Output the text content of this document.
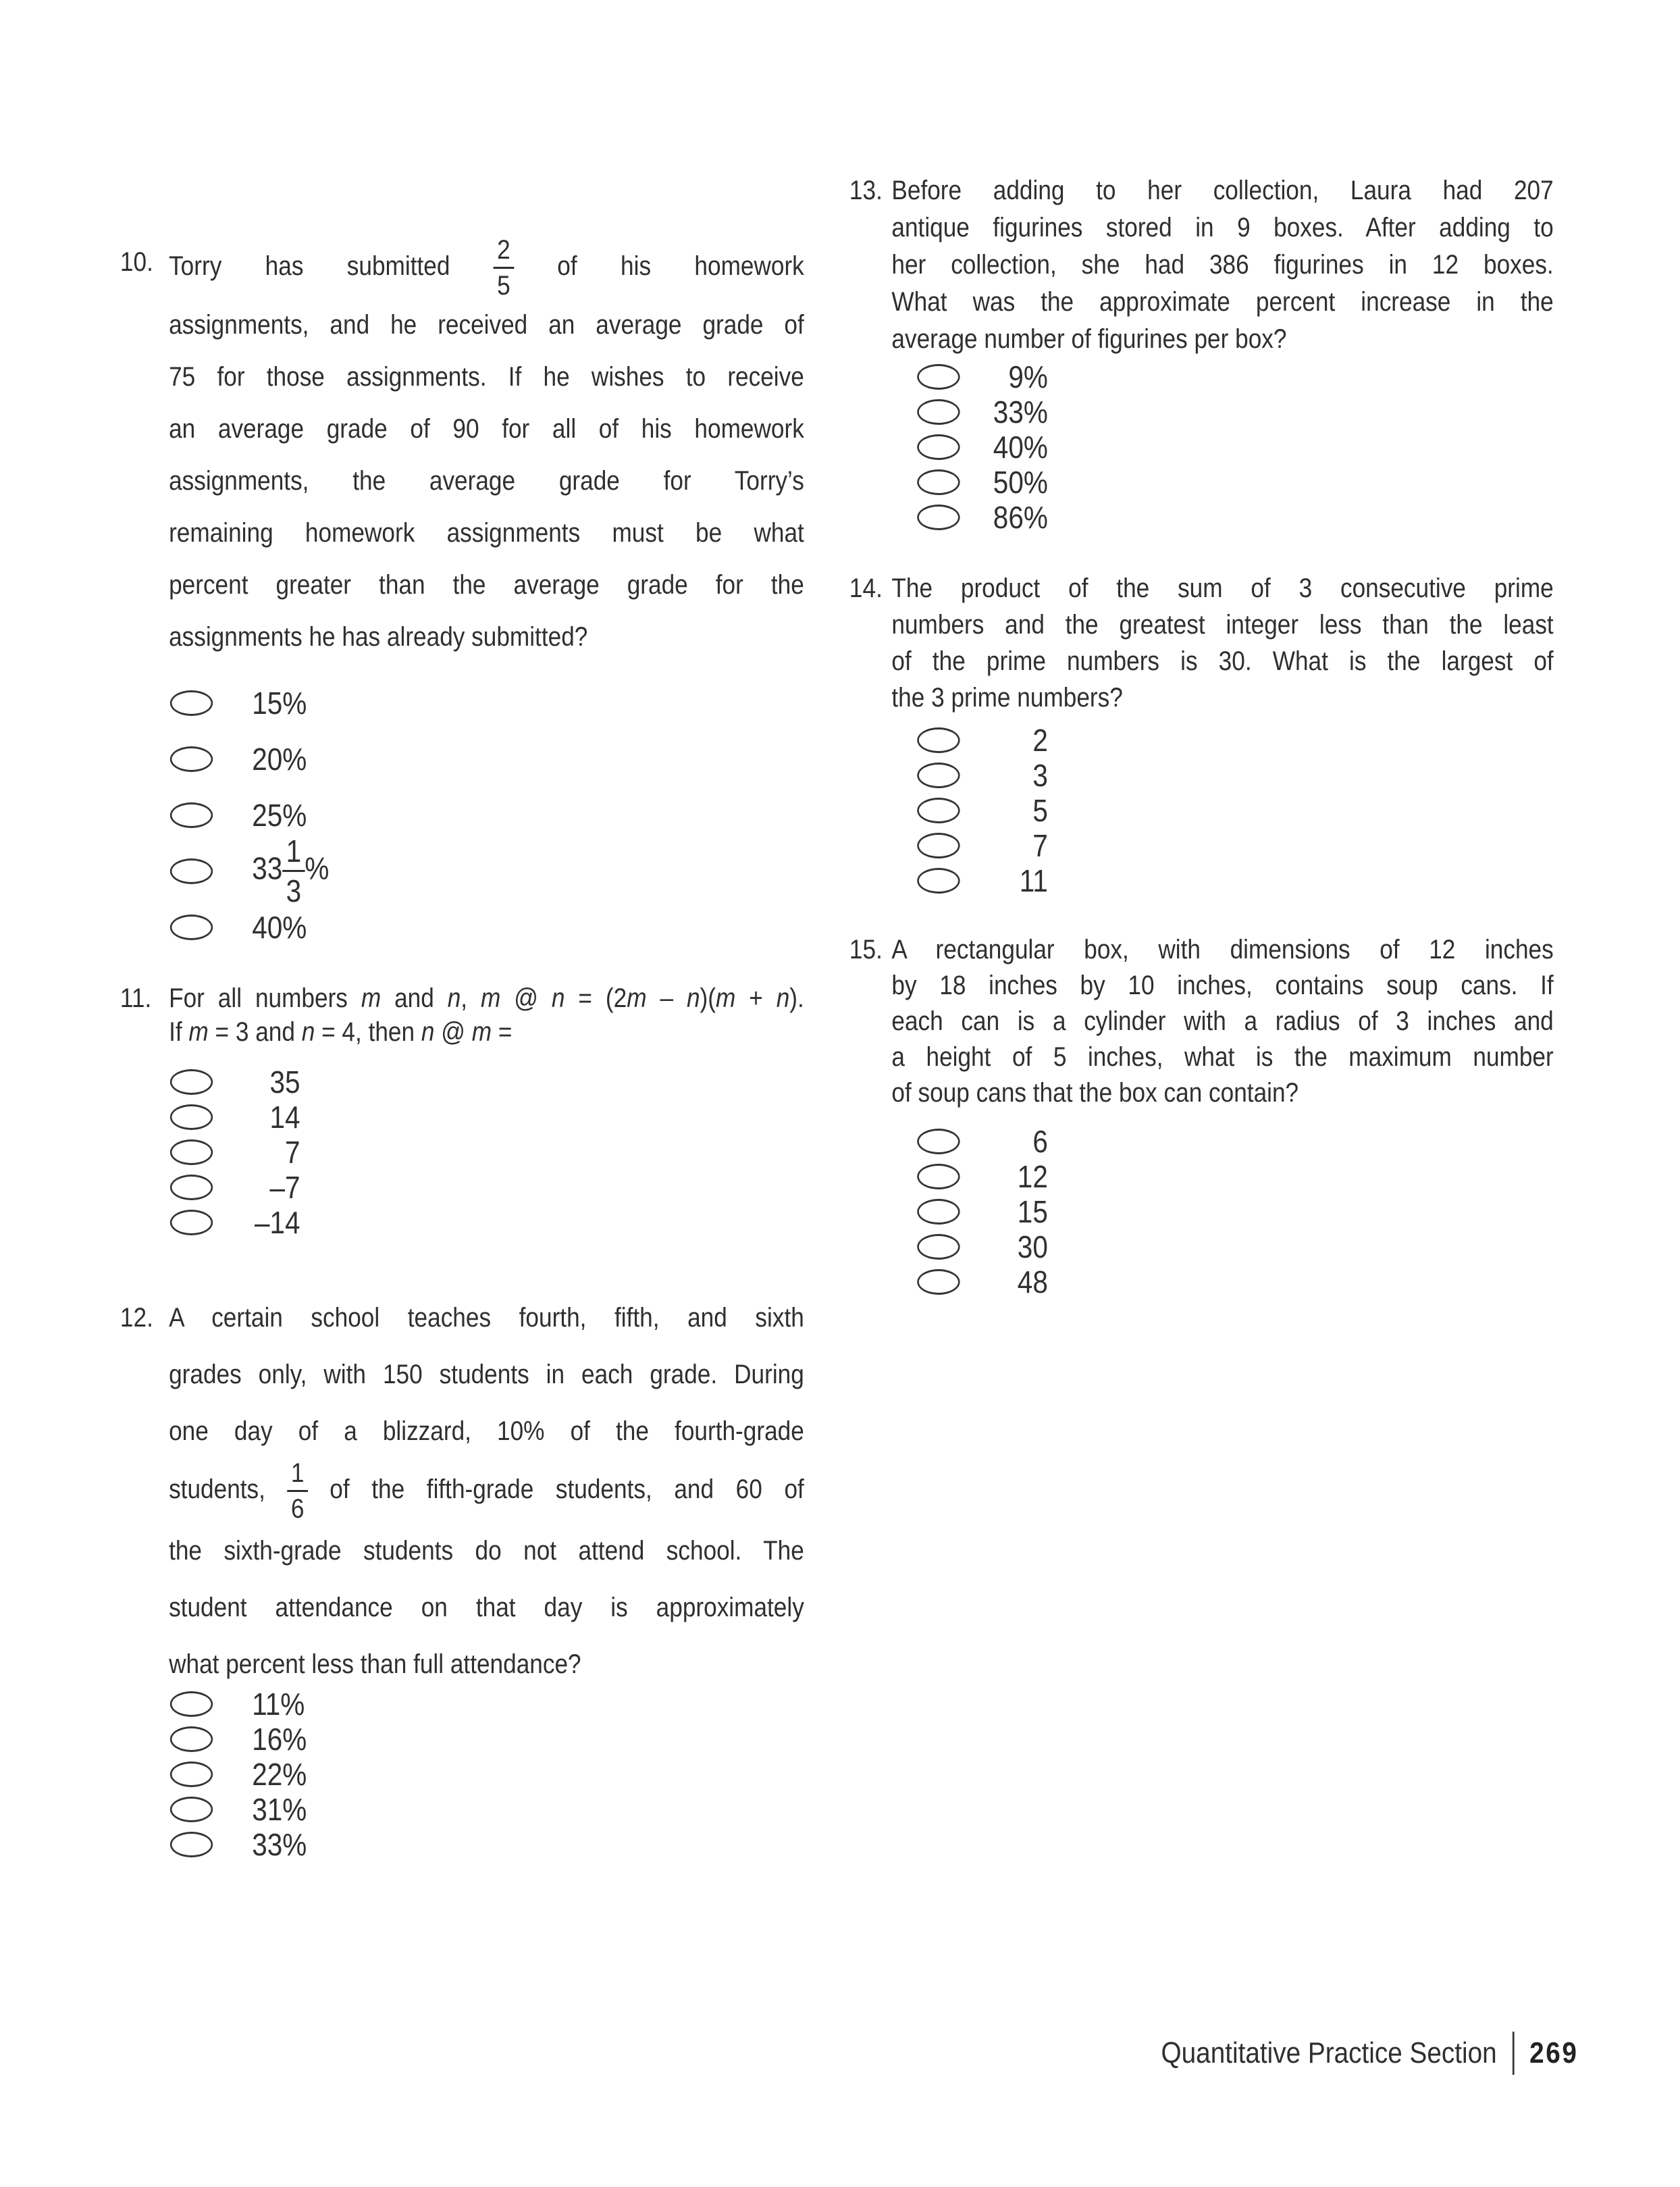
10. Torry has submitted $\frac{2}{5}$ of his homework
assignments, and he received an average grade of
75 for those assignments. If he wishes to receive
an average grade of 90 for all of his homework
assignments, the average grade for Torry’s
remaining homework assignments must be what
percent greater than the average grade for the
assignments he has already submitted?
15%
20%
25%
$33 \frac{1}{3}$ %
40%
11. For all numbers m and n, m @ n = (2m – n)(m + n).
If m = 3 and n = 4, then n @ m =
35
14
7
–7
–14
12. A certain school teaches fourth, fifth, and sixth
grades only, with 150 students in each grade. During
one day of a blizzard, 10% of the fourth-grade
students, $\frac{1}{6}$ of the fifth-grade students, and 60 of
the sixth-grade students do not attend school. The
student attendance on that day is approximately
what percent less than full attendance?
11%
16%
22%
31%
33%
13. Before adding to her collection, Laura had 207
antique figurines stored in 9 boxes. After adding to
her collection, she had 386 figurines in 12 boxes.
What was the approximate percent increase in the
average number of figurines per box?
9%
33%
40%
50%
86%
14. The product of the sum of 3 consecutive prime
numbers and the greatest integer less than the least
of the prime numbers is 30. What is the largest of
the 3 prime numbers?
2
3
5
7
11
15. A rectangular box, with dimensions of 12 inches
by 18 inches by 10 inches, contains soup cans. If
each can is a cylinder with a radius of 3 inches and
a height of 5 inches, what is the maximum number
of soup cans that the box can contain?
6
12
15
30
48
Quantitative Practice Section 269
